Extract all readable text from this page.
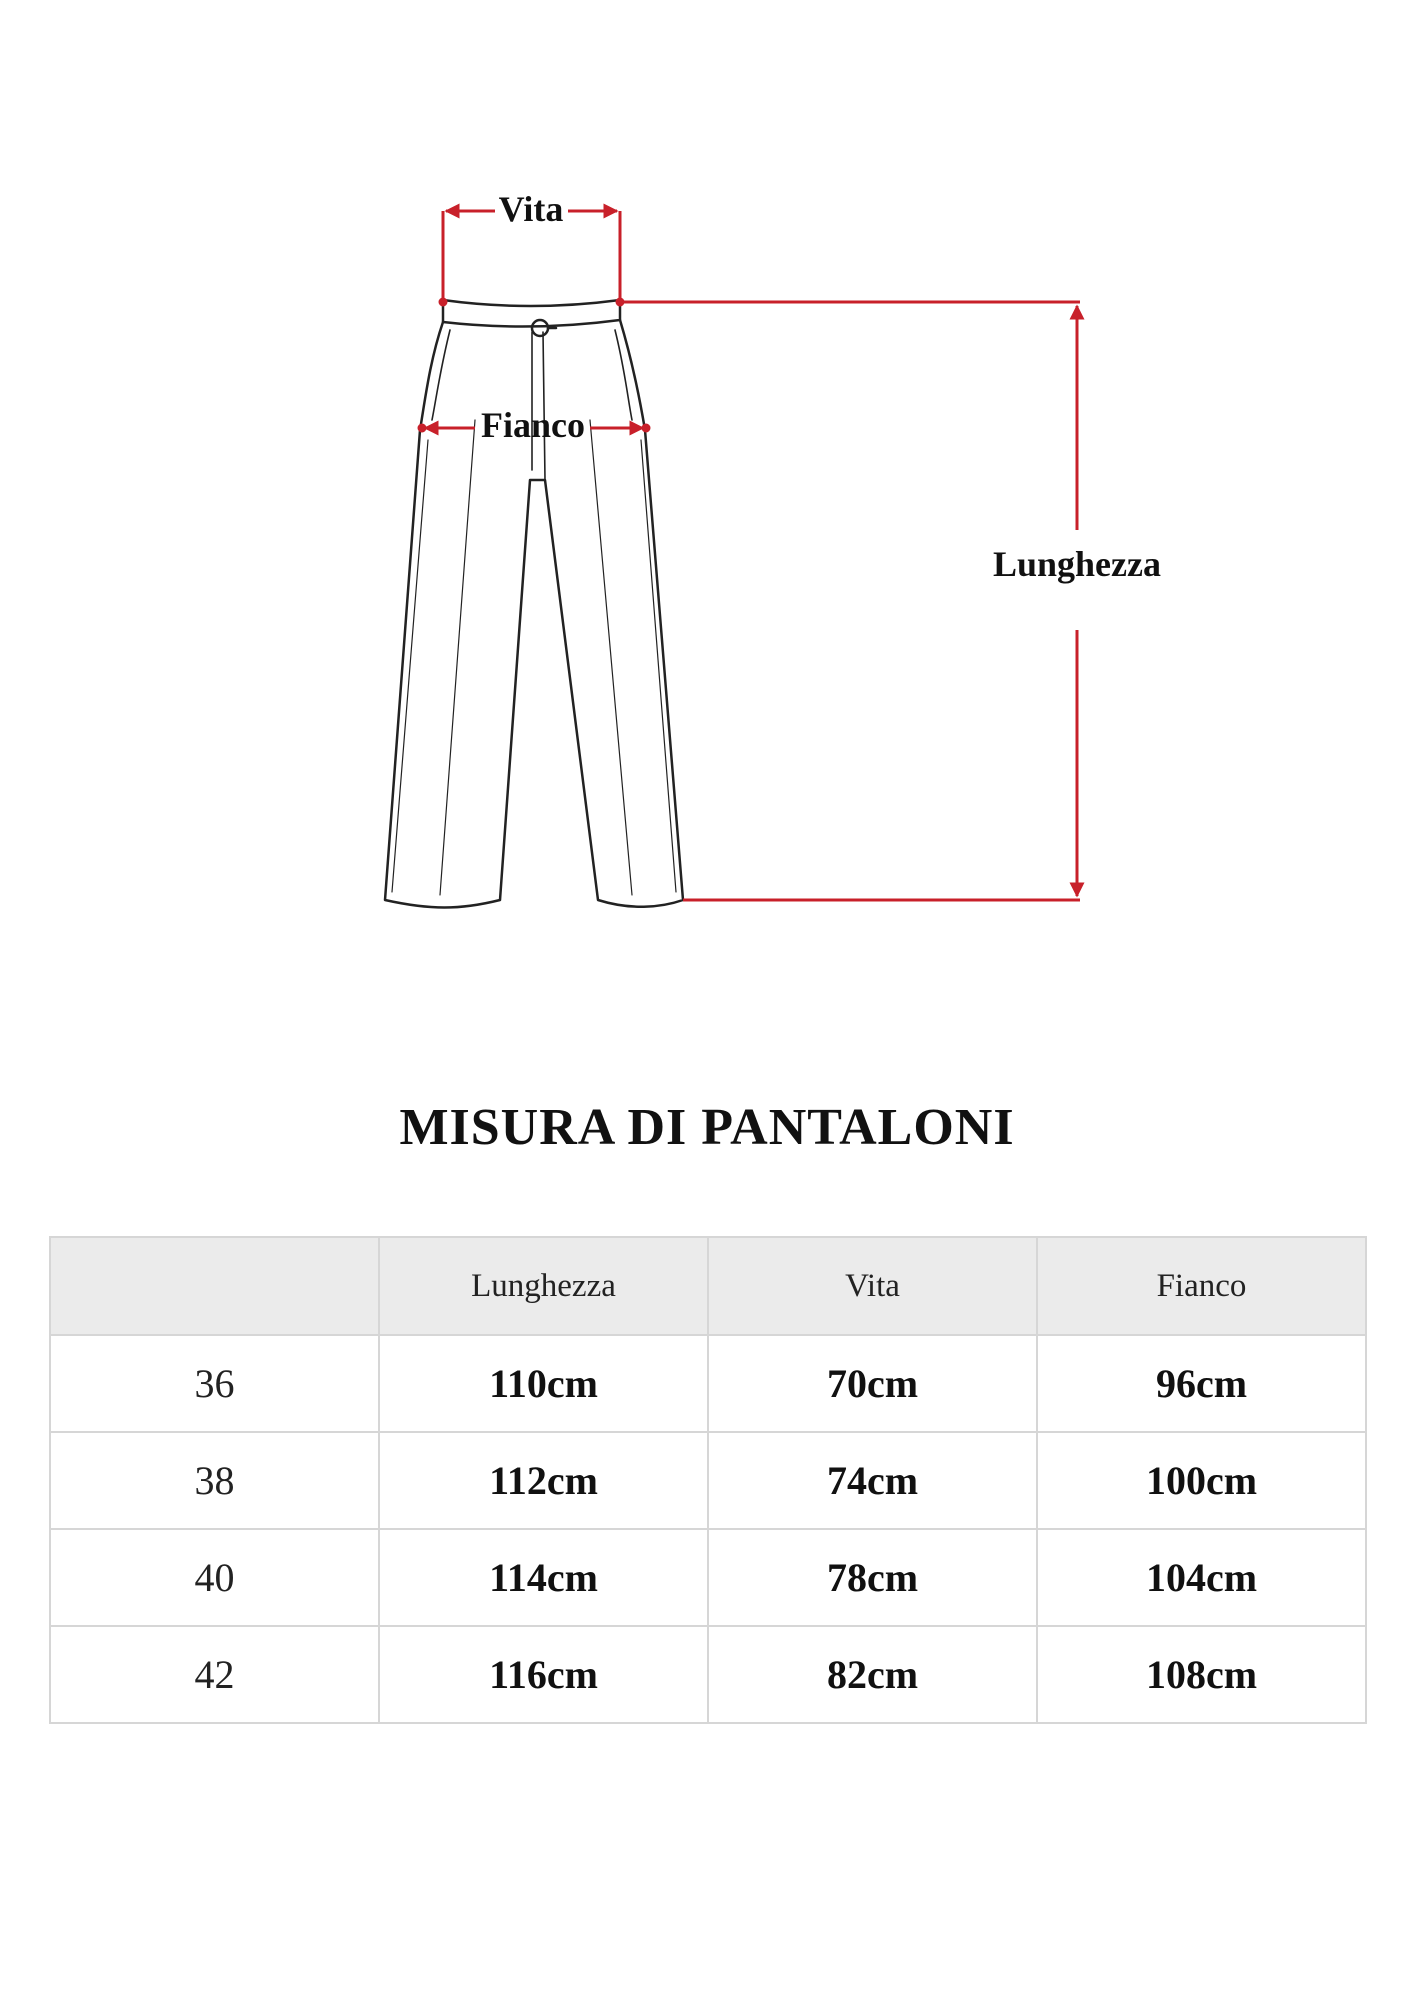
Vita
Fianco
Lunghezza
MISURA DI PANTALONI
	Lunghezza	Vita	Fianco
36	110cm	70cm	96cm
38	112cm	74cm	100cm
40	114cm	78cm	104cm
42	116cm	82cm	108cm
